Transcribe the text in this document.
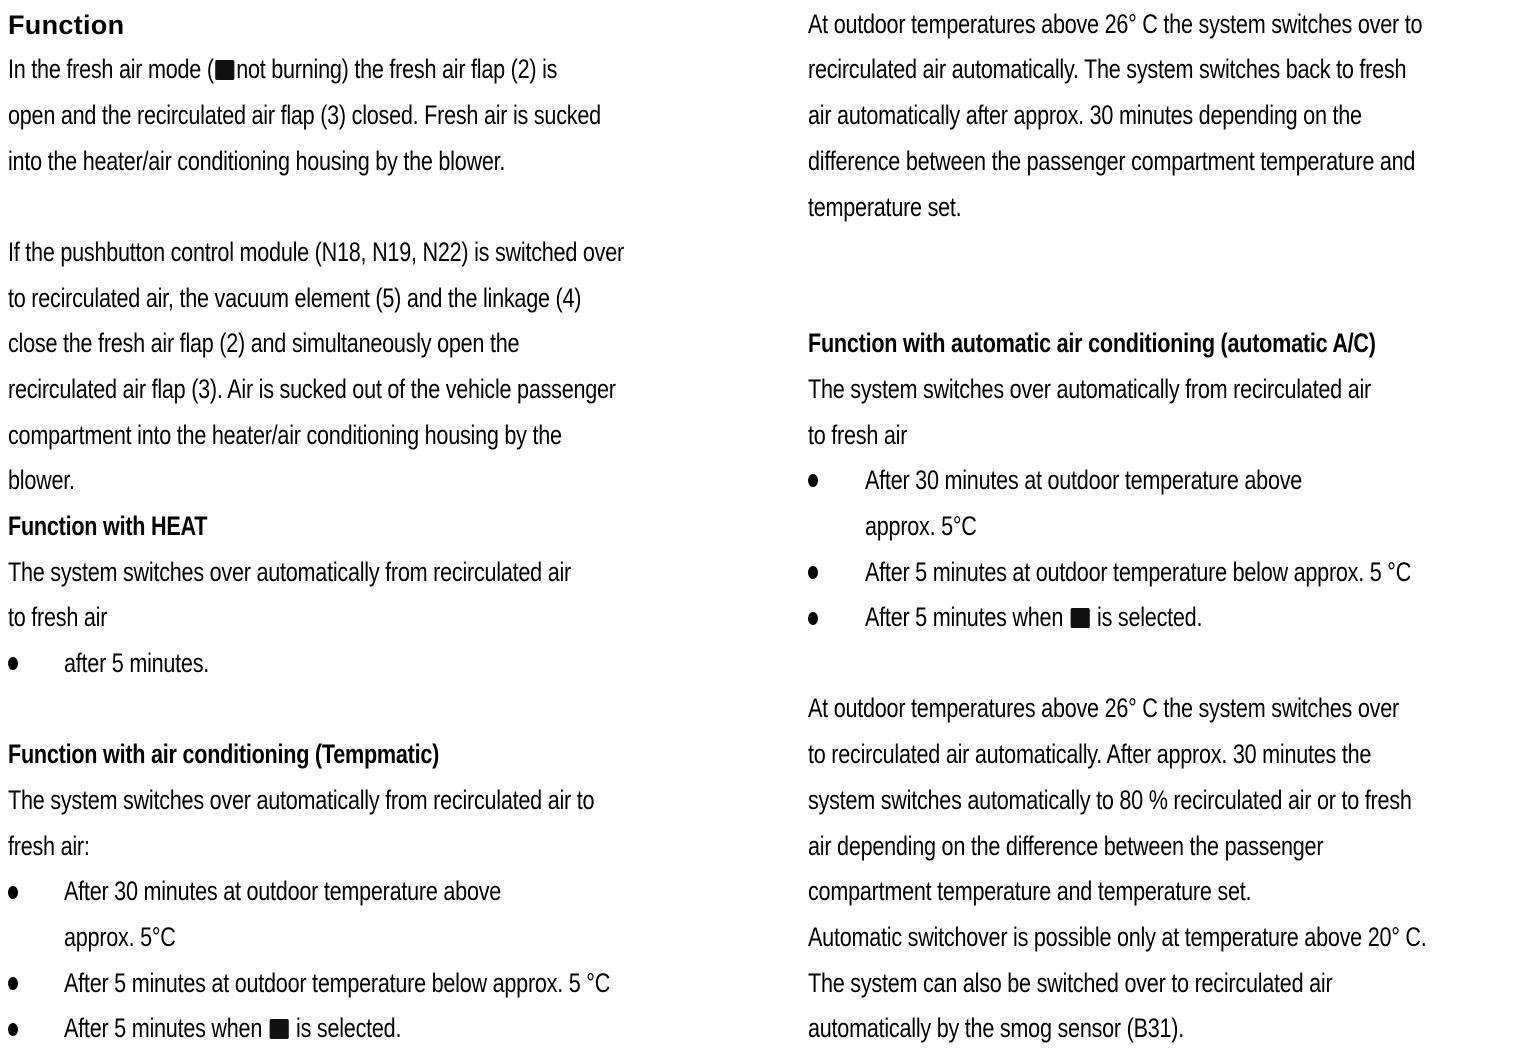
Function
In the fresh air mode ( not burning) the fresh air flap (2) is
open and the recirculated air flap (3) closed. Fresh air is sucked
into the heater/air conditioning housing by the blower.
If the pushbutton control module (N18, N19, N22) is switched over
to recirculated air, the vacuum element (5) and the linkage (4)
close the fresh air flap (2) and simultaneously open the
recirculated air flap (3). Air is sucked out of the vehicle passenger
compartment into the heater/air conditioning housing by the
blower.
Function with HEAT
The system switches over automatically from recirculated air
to fresh air
after 5 minutes.
Function with air conditioning (Tempmatic)
The system switches over automatically from recirculated air to
fresh air:
After 30 minutes at outdoor temperature above
approx. 5°C
After 5 minutes at outdoor temperature below approx. 5 °C
After 5 minutes when is selected.
At outdoor temperatures above 26° C the system switches over to
recirculated air automatically. The system switches back to fresh
air automatically after approx. 30 minutes depending on the
difference between the passenger compartment temperature and
temperature set.
Function with automatic air conditioning (automatic A/C)
The system switches over automatically from recirculated air
to fresh air
After 30 minutes at outdoor temperature above
approx. 5°C
After 5 minutes at outdoor temperature below approx. 5 °C
After 5 minutes when is selected.
At outdoor temperatures above 26° C the system switches over
to recirculated air automatically. After approx. 30 minutes the
system switches automatically to 80 % recirculated air or to fresh
air depending on the difference between the passenger
compartment temperature and temperature set.
Automatic switchover is possible only at temperature above 20° C.
The system can also be switched over to recirculated air
automatically by the smog sensor (B31).
